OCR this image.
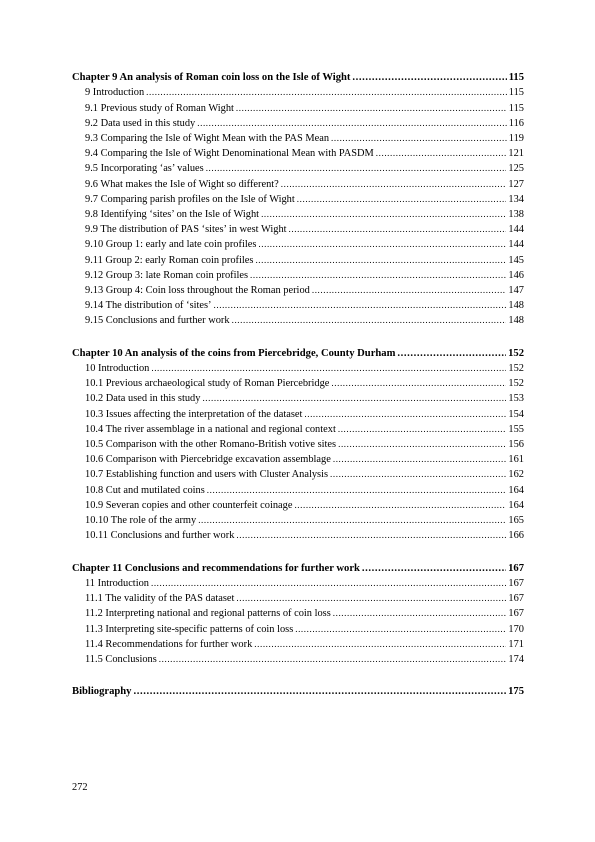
Chapter 9 An analysis of Roman coin loss on the Isle of Wight .....	115
9 Introduction .....	115
9.1 Previous study of Roman Wight .....	115
9.2 Data used in this study .....	116
9.3 Comparing the Isle of Wight Mean with the PAS Mean .....	119
9.4 Comparing the Isle of Wight Denominational Mean with PASDM .....	121
9.5 Incorporating ‘as’ values .....	125
9.6 What makes the Isle of Wight so different? .....	127
9.7 Comparing parish profiles on the Isle of Wight .....	134
9.8 Identifying ‘sites’ on the Isle of Wight .....	138
9.9 The distribution of PAS ‘sites’ in west Wight .....	144
9.10 Group 1: early and late coin profiles .....	144
9.11 Group 2: early Roman coin profiles .....	145
9.12 Group 3: late Roman coin profiles .....	146
9.13 Group 4: Coin loss throughout the Roman period .....	147
9.14 The distribution of ‘sites’ .....	148
9.15 Conclusions and further work .....	148
Chapter 10 An analysis of the coins from Piercebridge, County Durham .....	152
10 Introduction .....	152
10.1 Previous archaeological study of Roman Piercebridge .....	152
10.2 Data used in this study .....	153
10.3 Issues affecting the interpretation of the dataset .....	154
10.4 The river assemblage in a national and regional context .....	155
10.5 Comparison with the other Romano-British votive sites .....	156
10.6 Comparison with Piercebridge excavation assemblage .....	161
10.7 Establishing function and users with Cluster Analysis .....	162
10.8 Cut and mutilated coins .....	164
10.9 Severan copies and other counterfeit coinage .....	164
10.10 The role of the army .....	165
10.11 Conclusions and further work .....	166
Chapter 11 Conclusions and recommendations for further work .....	167
11 Introduction .....	167
11.1 The validity of the PAS dataset .....	167
11.2 Interpreting national and regional patterns of coin loss .....	167
11.3 Interpreting site-specific patterns of coin loss .....	170
11.4 Recommendations for further work .....	171
11.5 Conclusions .....	174
Bibliography .....	175
272
